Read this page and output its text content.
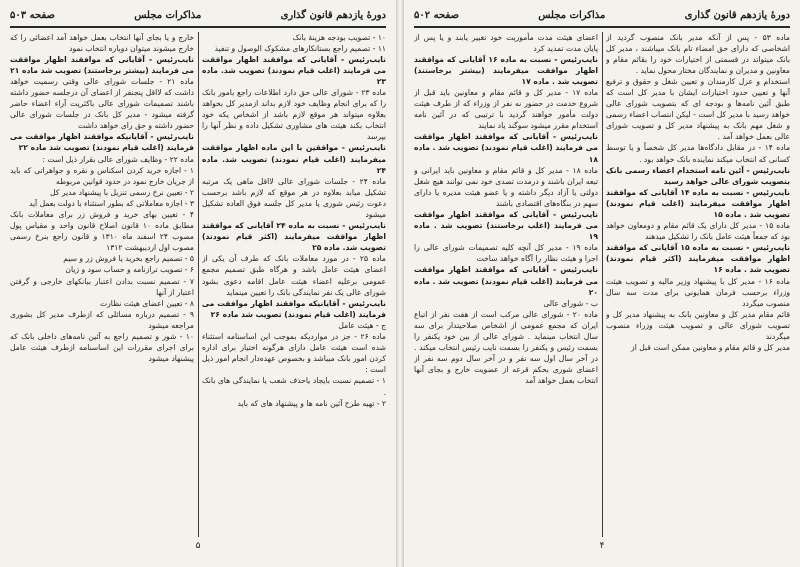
دورهٔ یازدهم قانون گذاری
مذاکرات مجلس
صفحه ۵۰۳

۱۰ - تصویب بودجه هزینهٔ بانک

۱۱ - تصمیم راجع بستانکارهای مشکوک الوصول و تنفیذ

نایب‌رئیس - آقایانی که موافقند اظهار موافقت می فرمایند (اغلب قیام نمودند) تصویب شد. ماده ۲۳

ماده ۲۳ - شورای عالی حق دارد اطلاعات راجع بامور بانک را که برای انجام وظایف خود لازم بداند ازمدیر کل بخواهد بعلاوه میتواند هر موقع لازم باشد از اشخاص یکه خود انتخاب بکند هیئت های مشاوری تشکیل داده و نظر آنها را بپرسد

نایب‌رئیس - موافقین با این ماده اظهار موافقت میفرمایند (اغلب قیام نمودند) تصویب شد. ماده ۲۴

ماده ۲۴ - جلسات شورای عالی لااقل ماهی یک مرتبه تشکیل میابد بعلاوه در هر موقع که لازم باشد برحسب دعوت رئیس شوری یا مدیر کل جلسه فوق العاده تشکیل میشود

نایب‌رئیس - نسبت به ماده ۲۴ آقایانی که موافقند اظهار موافقت میفرمایند (اکثر قیام نمودند) تصویب شد. ماده ۲۵

ماده ۲۵ - در مورد معاملات بانک که طرف آن یکی از اعضای هیئت عامل باشد و هرگاه طبق تصمیم مجمع عمومی برعلیه اعضاء هیئت عامل اقامه دعوی بشود شورای عالی یک نفر نمایندگی بانک را تعیین مینماید

نایب‌رئیس - آقایانیکه موافقند اظهار موافقت می فرمایند (اغلب قیام نمودند) تصویب شد ماده ۲۶

ج - هیئت عامل

ماده ۲۶ - جز در مواردیکه بموجب این اساسنامه استثناء شده است هیئت عامل دارای هرگونه اختیار برای اداره کردن امور بانک میباشد و بخصوص عهده‌دار انجام امور ذیل است :

۱ - تصمیم نسبت بایجاد یاحذف شعب یا نمایندگی های بانک .

۲ - تهیه طرح آئین نامه ها و پیشنهاد های که باید

خارج و یا بجای آنها انتخاب بعمل خواهد آمد اعضائی را که خارج میشوند میتوان دوباره انتخاب نمود

نایب‌رئیس - آقایانی که موافقند اظهار موافقت می فرمایند (بیشتر برخاستند) تصویب شد ماده ۲۱

ماده ۲۱ - جلسات شورای عالی وقتی رسمیت خواهد داشت که لااقل پنجنفر از اعضای آن درجلسه حضور داشته باشند تصمیمات شورای عالی باکثریت آراء اعضاء حاضر گرفته میشود - مدیر کل بانک در جلسات شورای عالی حضور داشته و حق رای خواهد داشت

نایب‌رئیس - آقایانیکه موافقند اظهار موافقت می فرمایند (اغلب قیام نمودند) تصویب شد ماده ۲۲

ماده ۲۲ - وظایف شورای عالی بقرار ذیل است :

۱ - اجازه خرید کردن اسکناس و نقره و جواهراتی که باید از جریان خارج نمود در حدود قوانین مربوطه

۲ - تعیین نرخ رسمی تنزیل با پیشنهاد مدیر کل

۳ - اجازه معاملاتی که بطور استثناء با دولت بعمل آید

۴ - تعیین بهای خرید و فروش زر برای معاملات بانک مطابق ماده ۱۰ قانون اصلاح قانون واحد و مقیاس پول مصوب ۲۴ اسفند ماه ۱۳۱۰ و قانون راجع بنرخ رسمی مصوب اول اردیبهشت ۱۳۱۲

۵ - تصمیم راجع بخرید یا فروش زر و سیم

۶ - تصویب ترازنامه و حساب سود و زیان

۷ - تصمیم نسبت بدادن اعتبار ببانکهای خارجی و گرفتن اعتبار از آنها

۸ - تعیین اعضای هیئت نظارت

۹ - تصمیم درباره مسائلی که ازطرف مدیر کل بشوری مراجعه میشود

۱۰ - شور و تصمیم راجع به آئین نامه‌های داخلی بانک که برای اجرای مقررات این اساسنامه ازطرف هیئت عامل پیشنهاد میشود

۵
دورهٔ یازدهم قانون گذاری
مذاکرات مجلس
صفحه ۵۰۲

ماده ۵۳ - پس از آنکه مدیر بانک منصوب گردید از اشخاصی که دارای حق امضاء تام بانک میباشند ، مدیر کل بانک میتواند در قسمتی از اختیارات خود را بقائم مقام و معاونین و مدیران و نمایندگان مختار محول نماید .

استخدام و عزل کارمندان و تعیین شغل و حقوق و ترفیع آنها و تعیین حدود اختیارات ایشان با مدیر کل است که طبق آئین نامه‌ها و بودجه ای که بتصویب شورای عالی خواهد رسید با مدیر کل است - لیکن انتصاب اعضاء رسمی و شغل مهم بانک به پیشنهاد مدیر کل و تصویب شورای عالی بعمل خواهد آمد .

ماده ۱۴ - در مقابل دادگاه‌ها مدیر کل شخصاً و یا توسط کسانی که انتخاب میکند نماینده بانک خواهد بود .

نایب‌رئیس - آئین نامه استخدام اعضاء رسمی بانک بتصویب شورای عالی خواهد رسید

نایب‌رئیس - نسبت به ماده ۱۴ آقایانی که موافقند اظهار موافقت میفرمایند (اغلب قیام نمودند) تصویب شد . ماده ۱۵

ماده ۱۵ - مدیر کل دارای یک قائم مقام و دومعاون خواهد بود که جمعاً هیئت عامل بانک را تشکیل میدهند

نایب‌رئیس - نسبت به ماده ۱۵ آقایانی که موافقند اظهار موافقت میفرمایند (اکثر قیام نمودند) تصویب شد . ماده ۱۶

ماده ۱۶ - مدیر کل با پیشنهاد وزیر مالیه و تصویب هیئت وزراء برحسب فرمان همایونی برای مدت سه سال منصوب میگردد

قائم مقام مدیر کل و معاونین بانک به پیشنهاد مدیر کل و تصویب شورای عالی و تصویب هیئت وزراء منصوب میگردند

مدیر کل و قائم مقام و معاونین ممکن است قبل از

اعضای هیئت مدت مأموریت خود تغییر یابند و یا پس از پایان مدت تمدید کرد

نایب‌رئیس - نسبت به ماده ۱۶ آقایانی که موافقند اظهار موافقت میفرمایند (بیشتر برخاستند) تصویب شد . ماده ۱۷

ماده ۱۷ - مدیر کل و قائم مقام و معاونین باید قبل از شروع خدمت در حضور نه نفر از وزراء که از طرف هیئت دولت مأمور خواهند گردید با ترتیبی که در آئین نامه استخدام مقرر میشود سوگند یاد نمایند

نایب‌رئیس - آقایانی که موافقند اظهار موافقت می فرمایند (اغلب قیام نمودند) تصویب شد . ماده ۱۸

ماده ۱۸ - مدیر کل و قائم مقام و معاونین باید ایرانی و تبعه ایران باشند و درمدت تصدی خود نمی توانند هیچ شغل دولتی یا آزاد دیگر داشته و یا عضو هیئت مدیره یا دارای سهم در بنگاه‌های اقتصادی باشند

نایب‌رئیس - آقایانی که موافقند اظهار موافقت می فرمایند (اغلب برخاستند) تصویب شد . ماده ۱۹

ماده ۱۹ - مدیر کل آنچه کلیه تصمیمات شورای عالی را اجرا و هیئت نظار را آگاه خواهد ساخت

نایب‌رئیس - آقایانی که موافقند اظهار موافقت می فرمایند (اغلب قیام نمودند) تصویب شد . ماده ۲۰

ب - شورای عالی

ماده ۲۰ - شورای عالی مرکب است از هفت نفر از اتباع ایران که مجمع عمومی از اشخاص صلاحیتدار برای سه سال انتخاب مینماید . شورای عالی از بین خود یکنفر را بسمت رئیس و یکنفر را بسمت نایب رئیس انتخاب میکند . در آخر سال اول سه نفر و در آخر سال دوم سه نفر از اعضای شوری بحکم قرعه از عضویت خارج و بجای آنها انتخاب بعمل خواهد آمد

۴
